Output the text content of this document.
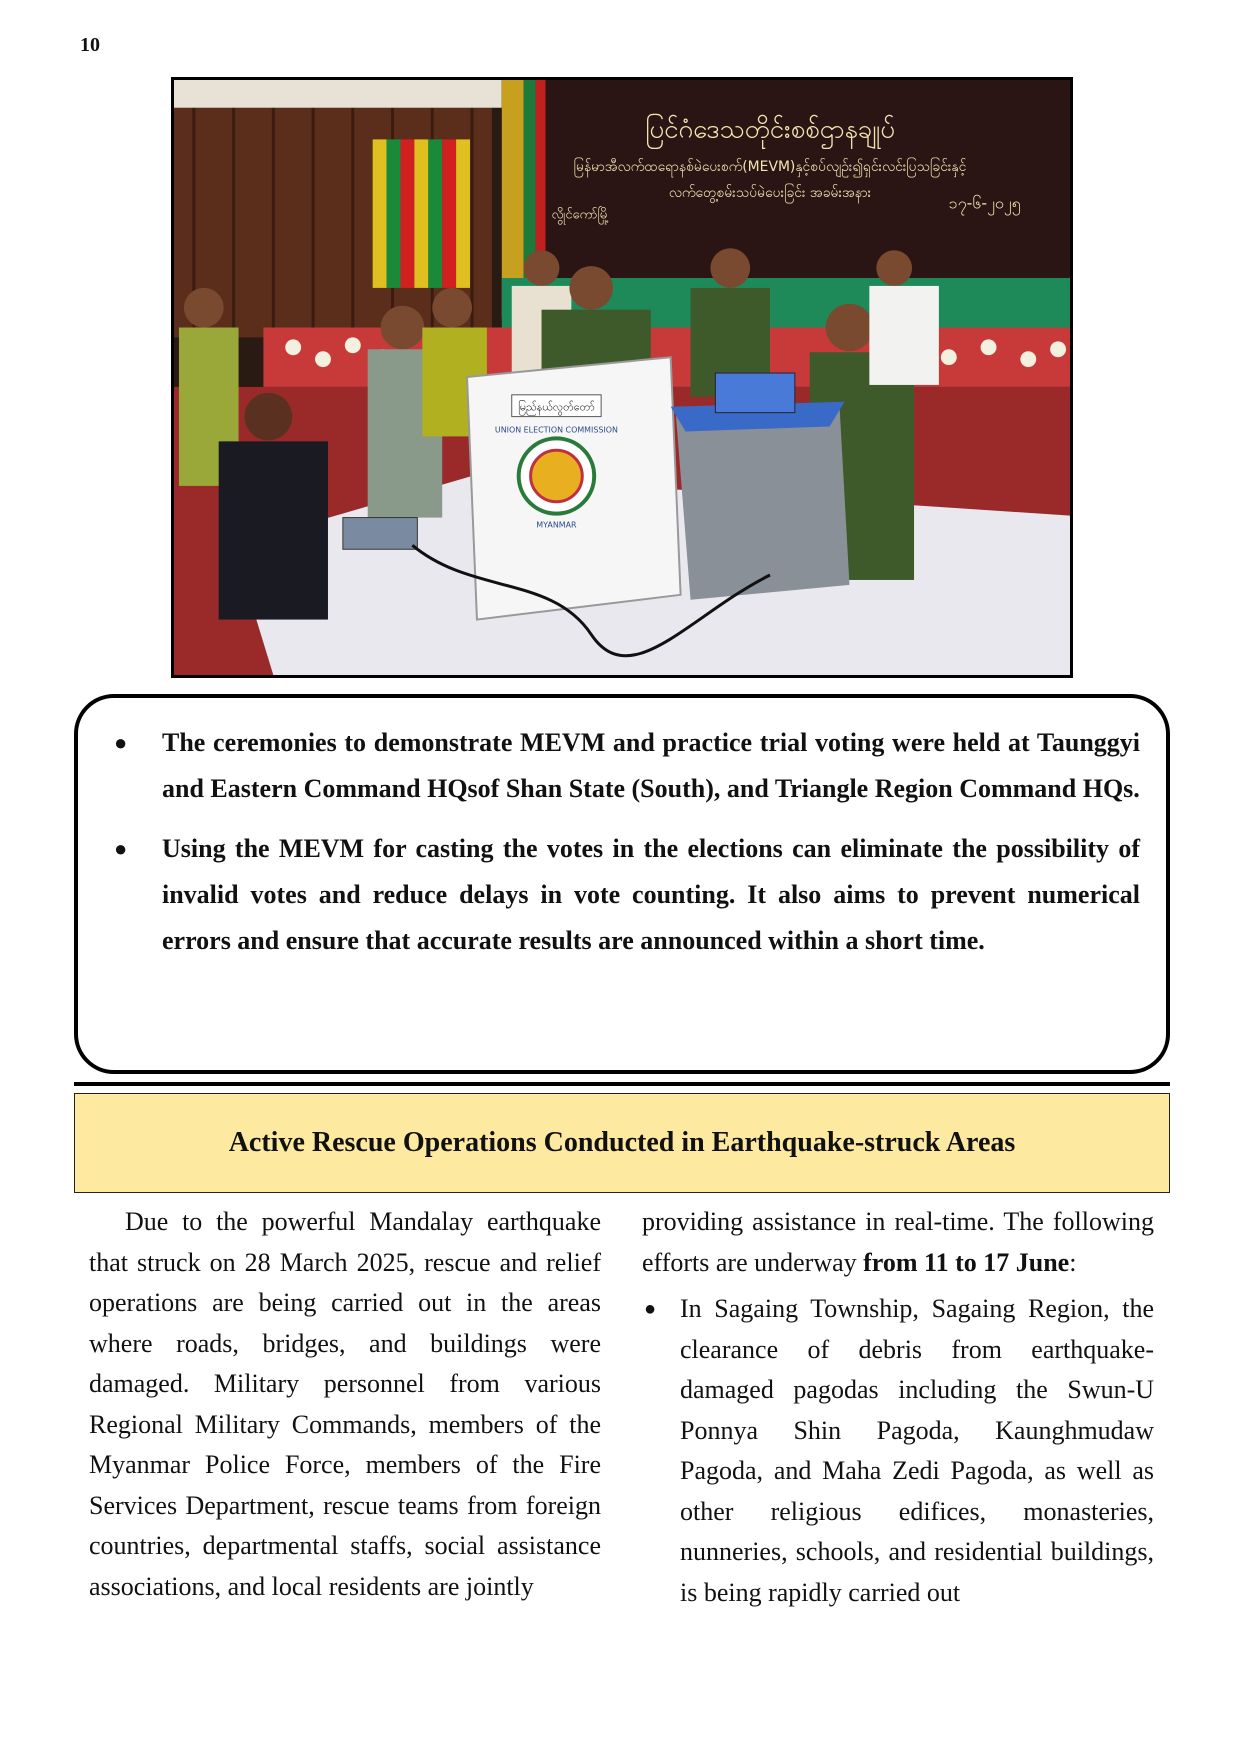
10
ပြင်ဂံဒေသတိုင်းစစ်ဌာနချုပ်
မြန်မာအီလက်ထရောနစ်မဲပေးစက်(MEVM)နှင့်စပ်လျဉ်း၍ရှင်းလင်းပြသခြင်းနှင့်
လက်တွေ့စမ်းသပ်မဲပေးခြင်း အခမ်းအနား
လွိုင်ကော်မြို့
၁၇-၆-၂၀၂၅
မြည်နယ်လွတ်တော်
UNION ELECTION COMMISSION
MYANMAR
● The ceremonies to demonstrate MEVM and practice trial voting were held at Taunggyi and Eastern Command HQsof Shan State (South), and Triangle Region Command HQs.
● Using the MEVM for casting the votes in the elections can eliminate the possibility of invalid votes and reduce delays in vote counting. It also aims to prevent numerical errors and ensure that accurate results are announced within a short time.
Active Rescue Operations Conducted in Earthquake-struck Areas

Due to the powerful Mandalay earthquake that struck on 28 March 2025, rescue and relief operations are being carried out in the areas where roads, bridges, and buildings were damaged. Military personnel from various Regional Military Commands, members of the Myanmar Police Force, members of the Fire Services Department, rescue teams from foreign countries, departmental staffs, social assistance associations, and local residents are jointly

providing assistance in real-time. The following efforts are underway from 11 to 17 June:

● In Sagaing Township, Sagaing Region, the clearance of debris from earthquake-damaged pagodas including the Swun-U Ponnya Shin Pagoda, Kaunghmudaw Pagoda, and Maha Zedi Pagoda, as well as other religious edifices, monasteries, nunneries, schools, and residential buildings, is being rapidly carried out
